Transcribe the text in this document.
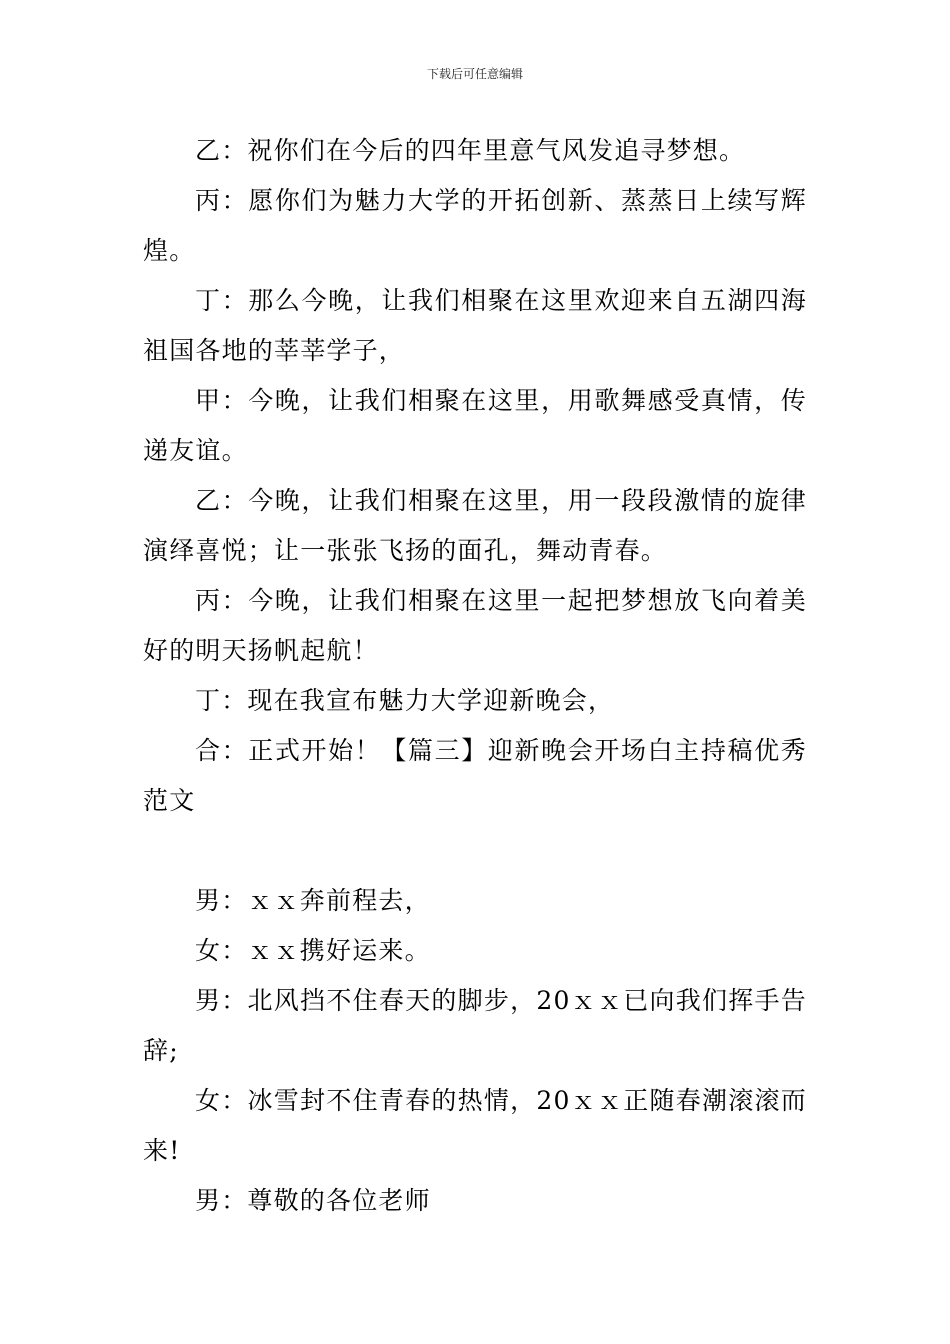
下载后可任意编辑

乙：祝你们在今后的四年里意气风发追寻梦想。

丙：愿你们为魅力大学的开拓创新、蒸蒸日上续写辉煌。

丁：那么今晚，让我们相聚在这里欢迎来自五湖四海祖国各地的莘莘学子，

甲：今晚，让我们相聚在这里，用歌舞感受真情，传递友谊。

乙：今晚，让我们相聚在这里，用一段段激情的旋律演绎喜悦；让一张张飞扬的面孔，舞动青春。

丙：今晚，让我们相聚在这里一起把梦想放飞向着美好的明天扬帆起航！

丁：现在我宣布魅力大学迎新晚会，

合：正式开始！【篇三】迎新晚会开场白主持稿优秀范文

男：ｘｘ奔前程去，

女：ｘｘ携好运来。

男：北风挡不住春天的脚步，20ｘｘ已向我们挥手告辞;

女：冰雪封不住青春的热情，20ｘｘ正随春潮滚滚而来!

男：尊敬的各位老师
